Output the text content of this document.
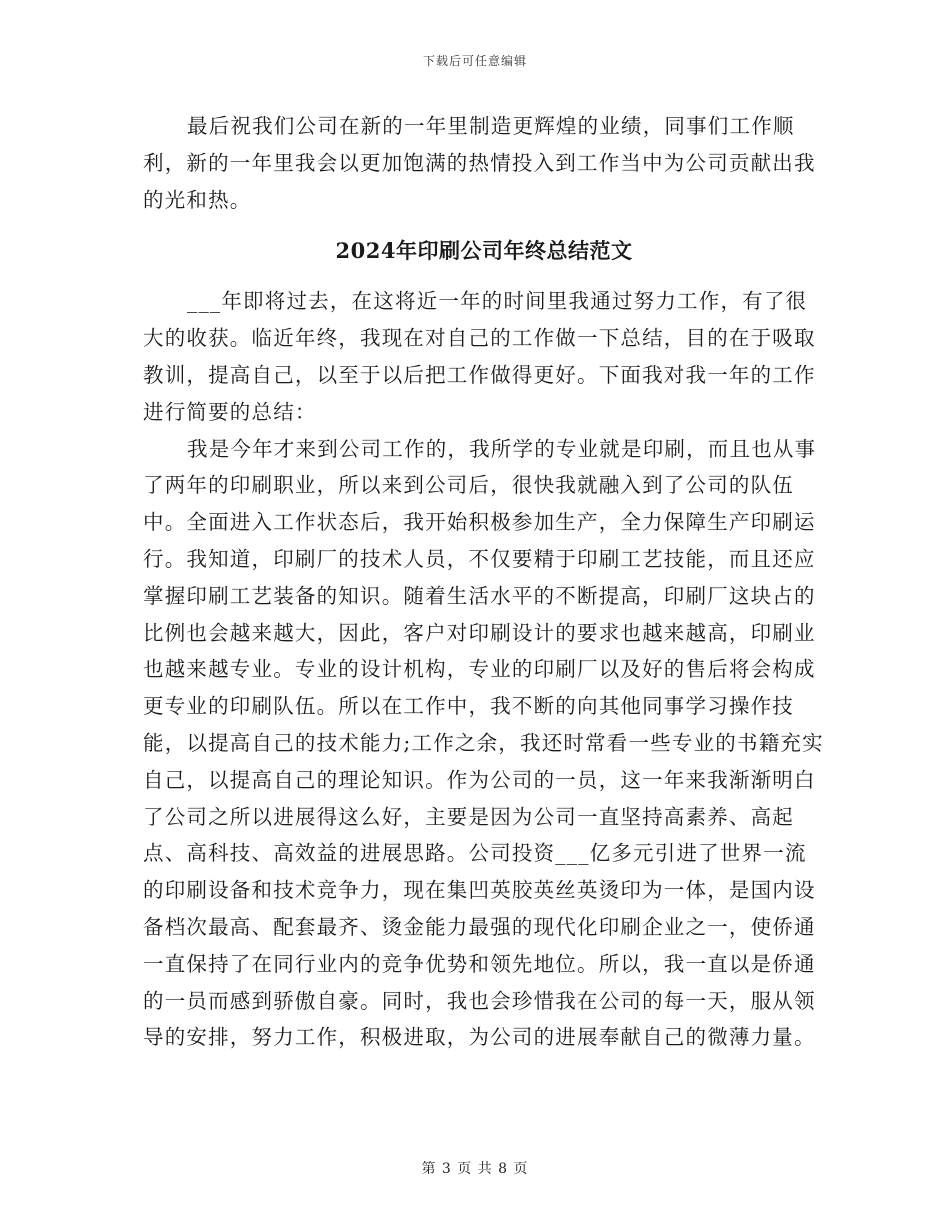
下载后可任意编辑

最后祝我们公司在新的一年里制造更辉煌的业绩，同事们工作顺利，新的一年里我会以更加饱满的热情投入到工作当中为公司贡献出我的光和热。

2024年印刷公司年终总结范文

___年即将过去，在这将近一年的时间里我通过努力工作，有了很大的收获。临近年终，我现在对自己的工作做一下总结，目的在于吸取教训，提高自己，以至于以后把工作做得更好。下面我对我一年的工作进行简要的总结：

我是今年才来到公司工作的，我所学的专业就是印刷，而且也从事了两年的印刷职业，所以来到公司后，很快我就融入到了公司的队伍中。全面进入工作状态后，我开始积极参加生产，全力保障生产印刷运行。我知道，印刷厂的技术人员，不仅要精于印刷工艺技能，而且还应掌握印刷工艺装备的知识。随着生活水平的不断提高，印刷厂这块占的比例也会越来越大，因此，客户对印刷设计的要求也越来越高，印刷业也越来越专业。专业的设计机构，专业的印刷厂以及好的售后将会构成更专业的印刷队伍。所以在工作中，我不断的向其他同事学习操作技能，以提高自己的技术能力;工作之余，我还时常看一些专业的书籍充实自己，以提高自己的理论知识。作为公司的一员，这一年来我渐渐明白了公司之所以进展得这么好，主要是因为公司一直坚持高素养、高起点、高科技、高效益的进展思路。公司投资___亿多元引进了世界一流的印刷设备和技术竞争力，现在集凹英胶英丝英烫印为一体，是国内设备档次最高、配套最齐、烫金能力最强的现代化印刷企业之一，使侨通一直保持了在同行业内的竞争优势和领先地位。所以，我一直以是侨通的一员而感到骄傲自豪。同时，我也会珍惜我在公司的每一天，服从领导的安排，努力工作，积极进取，为公司的进展奉献自己的微薄力量。

第 3 页 共 8 页
